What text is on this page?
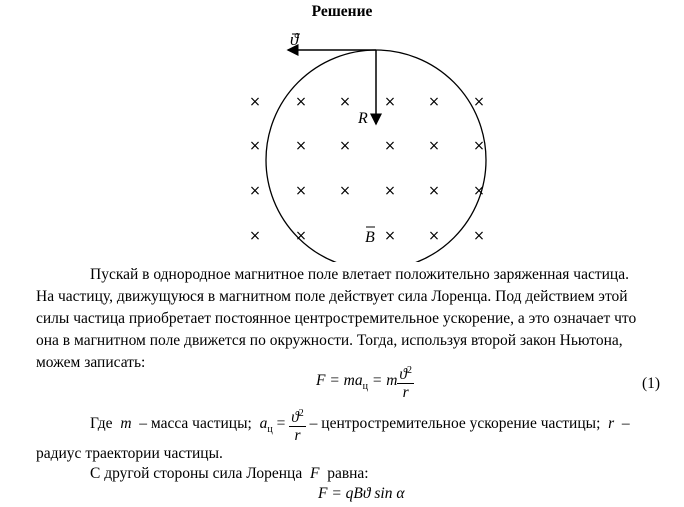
Решение
ϑ
R
B
× × × × × ×
× × × × × ×
× × × × × ×
× ×	× × ×
Пускай в однородное магнитное поле влетает положительно заряженная частица.
На частицу, движущуюся в магнитном поле действует сила Лоренца. Под действием этой
силы частица приобретает постоянное центростремительное ускорение, а это означает что
она в магнитном поле движется по окружности. Тогда, используя второй закон Ньютона,
можем записать:
$F = ma_ц = m \frac{ϑ^2}{r}$	(1)
Где m – масса частицы; $a_ц = \frac{ϑ^2}{r}$ – центростремительное ускорение частицы; r –
радиус траектории частицы.
С другой стороны сила Лоренца F равна:
F = qBϑ sin α
